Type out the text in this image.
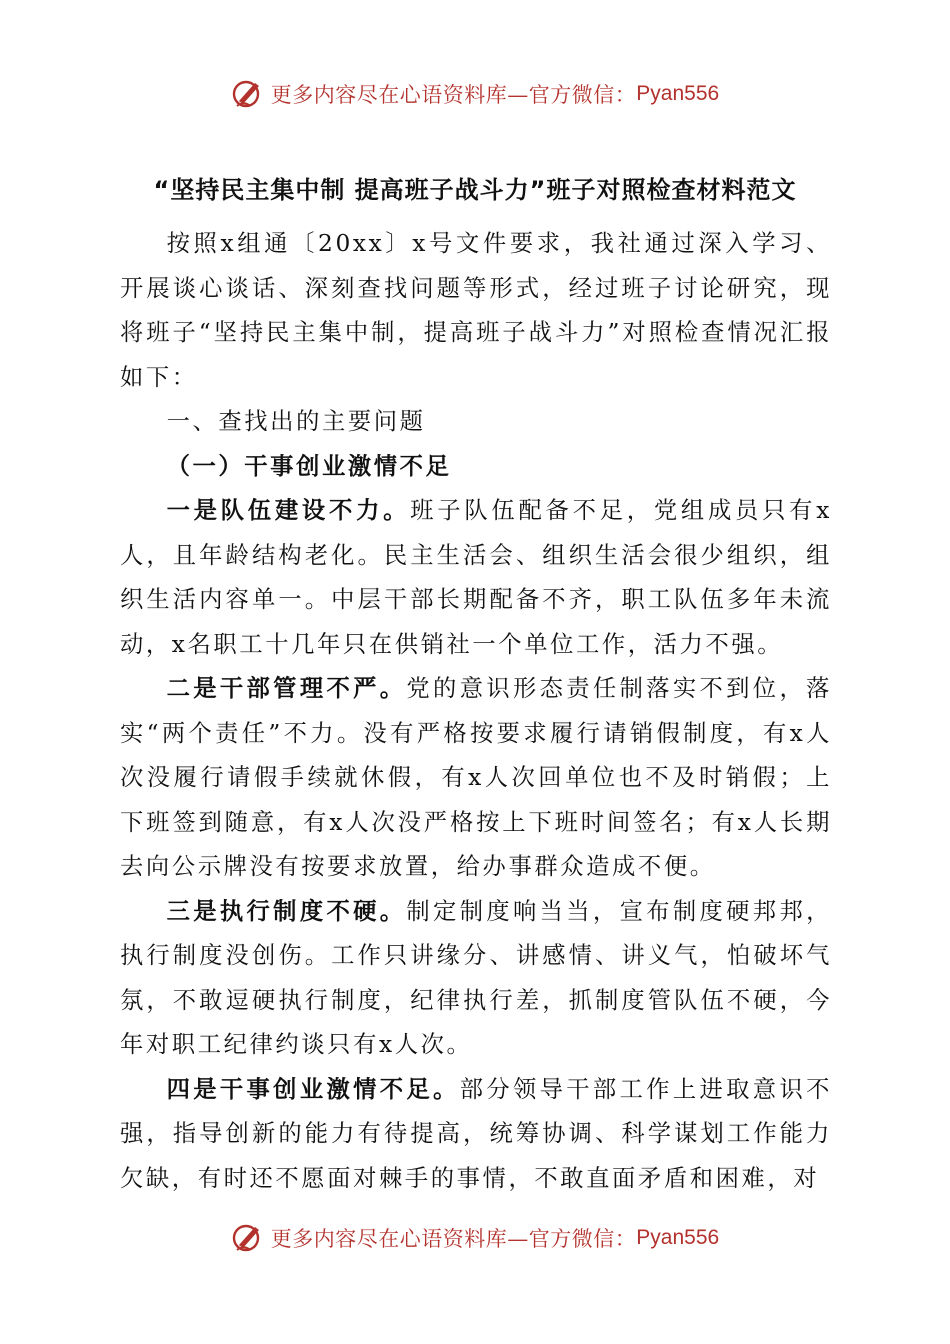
更多内容尽在心语资料库—官方微信： Pyan556
“坚持民主集中制 提高班子战斗力”班子对照检查材料范文

按照x组通〔20xx〕x号文件要求，我社通过深入学习、开展谈心谈话、深刻查找问题等形式，经过班子讨论研究，现将班子“坚持民主集中制，提高班子战斗力”对照检查情况汇报如下：

一、查找出的主要问题

（一）干事创业激情不足

一是队伍建设不力。班子队伍配备不足，党组成员只有x人，且年龄结构老化。民主生活会、组织生活会很少组织，组织生活内容单一。中层干部长期配备不齐，职工队伍多年未流动，x名职工十几年只在供销社一个单位工作，活力不强。

二是干部管理不严。党的意识形态责任制落实不到位，落实“两个责任”不力。没有严格按要求履行请销假制度，有x人次没履行请假手续就休假，有x人次回单位也不及时销假；上下班签到随意，有x人次没严格按上下班时间签名；有x人长期去向公示牌没有按要求放置，给办事群众造成不便。

三是执行制度不硬。制定制度响当当，宣布制度硬邦邦，执行制度没创伤。工作只讲缘分、讲感情、讲义气，怕破坏气氛，不敢逗硬执行制度，纪律执行差，抓制度管队伍不硬，今年对职工纪律约谈只有x人次。

四是干事创业激情不足。部分领导干部工作上进取意识不强，指导创新的能力有待提高，统筹协调、科学谋划工作能力欠缺，有时还不愿面对棘手的事情，不敢直面矛盾和困难，对

更多内容尽在心语资料库—官方微信： Pyan556
